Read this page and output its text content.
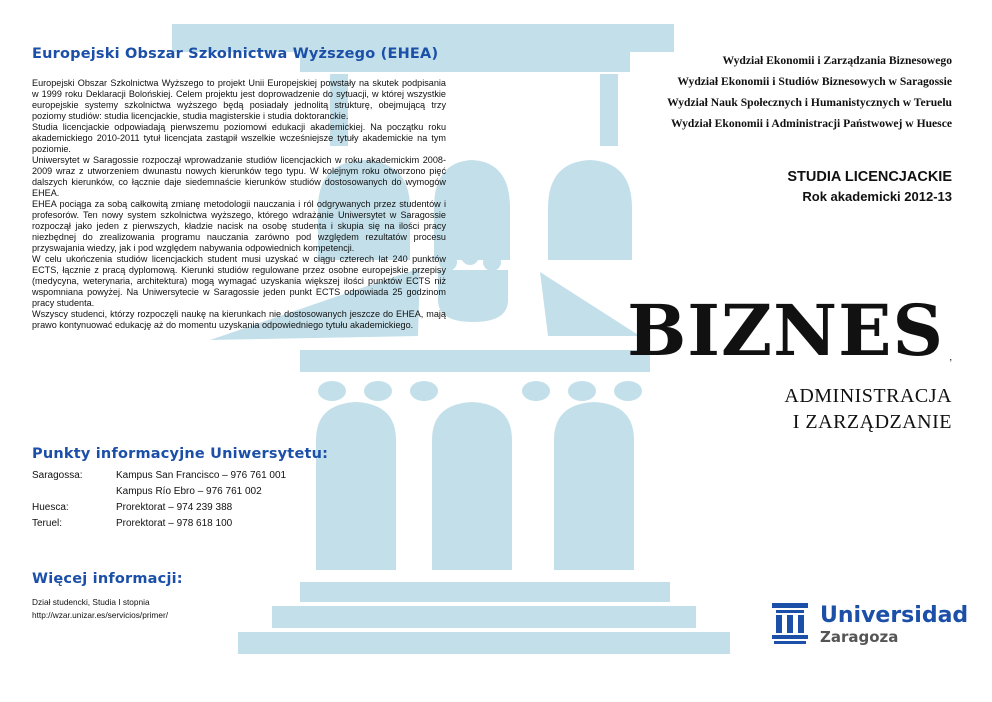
Europejski Obszar Szkolnictwa Wyższego (EHEA)

Europejski Obszar Szkolnictwa Wyższego to projekt Unii Europejskiej powstały na skutek podpisania w 1999 roku Deklaracji Bolońskiej. Celem projektu jest doprowadzenie do sytuacji, w której wszystkie europejskie systemy szkolnictwa wyższego będą posiadały jednolitą strukturę, obejmującą trzy poziomy studiów: studia licencjackie, studia magisterskie i studia doktoranckie.

Studia licencjackie odpowiadają pierwszemu poziomowi edukacji akademickiej. Na początku roku akademickiego 2010-2011 tytuł licencjata zastąpił wszelkie wcześniejsze tytuły akademickie na tym poziomie.

Uniwersytet w Saragossie rozpoczął wprowadzanie studiów licencjackich w roku akademickim 2008-2009 wraz z utworzeniem dwunastu nowych kierunków tego typu. W kolejnym roku otworzono pięć dalszych kierunków, co łącznie daje siedemnaście kierunków studiów dostosowanych do wymogów EHEA.

EHEA pociąga za sobą całkowitą zmianę metodologii nauczania i ról odgrywanych przez studentów i profesorów. Ten nowy system szkolnictwa wyższego, którego wdrażanie Uniwersytet w Saragossie rozpoczął jako jeden z pierwszych, kładzie nacisk na osobę studenta i skupia się na ilości pracy niezbędnej do zrealizowania programu nauczania zarówno pod względem rezultatów procesu przyswajania wiedzy, jak i pod względem nabywania odpowiednich kompetencji.

W celu ukończenia studiów licencjackich student musi uzyskać w ciągu czterech lat 240 punktów ECTS, łącznie z pracą dyplomową. Kierunki studiów regulowane przez osobne europejskie przepisy (medycyna, weterynaria, architektura) mogą wymagać uzyskania większej ilości punktów ECTS niż wspomniana powyżej. Na Uniwersytecie w Saragossie jeden punkt ECTS odpowiada 25 godzinom pracy studenta.

Wszyscy studenci, którzy rozpoczęli naukę na kierunkach nie dostosowanych jeszcze do EHEA, mają prawo kontynuować edukację aż do momentu uzyskania odpowiedniego tytułu akademickiego.

Punkty informacyjne Uniwersytetu:
Saragossa:	Kampus San Francisco – 976 761 001
Kampus Río Ebro – 976 761 002
Huesca:	Prorektorat – 974 239 388
Teruel:	Prorektorat – 978 618 100
Więcej informacji:
Dział studencki, Studia I stopnia
http://wzar.unizar.es/servicios/primer/
Wydział Ekonomii i Zarządzania Biznesowego
Wydział Ekonomii i Studiów Biznesowych w Saragossie
Wydział Nauk Społecznych i Humanistycznych w Teruelu
Wydział Ekonomii i Administracji Państwowej w Huesce
STUDIA LICENCJACKIE
Rok akademicki 2012-13
BIZNES ,
ADMINISTRACJA
I ZARZĄDZANIE
Universidad
Zaragoza
